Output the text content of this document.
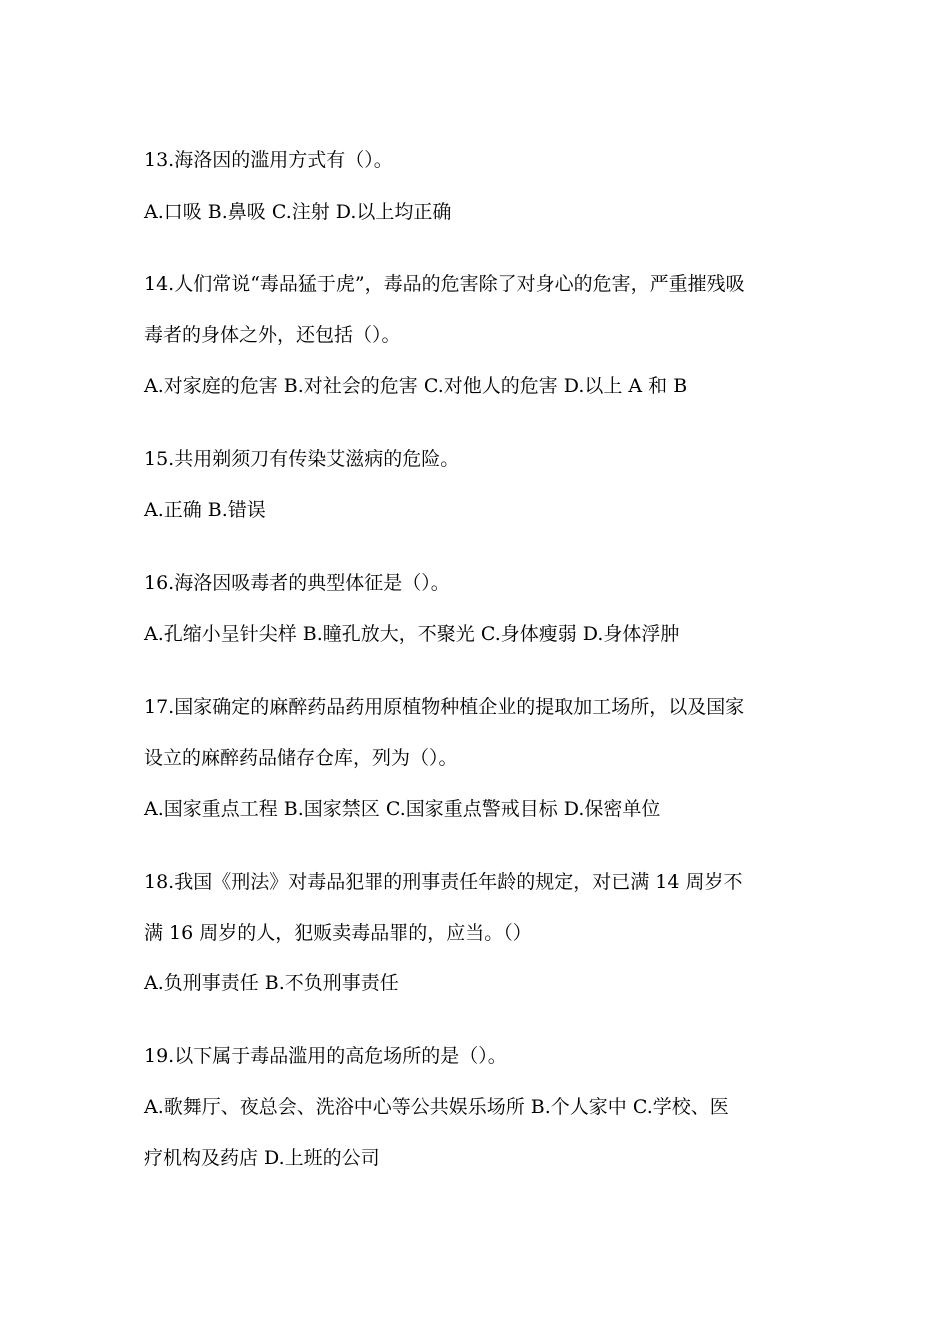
13.海洛因的滥用方式有（）。
A.口吸 B.鼻吸 C.注射 D.以上均正确
14.人们常说“毒品猛于虎”，毒品的危害除了对身心的危害，严重摧残吸
毒者的身体之外，还包括（）。
A.对家庭的危害 B.对社会的危害 C.对他人的危害 D.以上 A 和 B
15.共用剃须刀有传染艾滋病的危险。
A.正确 B.错误
16.海洛因吸毒者的典型体征是（）。
A.孔缩小呈针尖样 B.瞳孔放大，不聚光 C.身体瘦弱 D.身体浮肿
17.国家确定的麻醉药品药用原植物种植企业的提取加工场所，以及国家
设立的麻醉药品储存仓库，列为（）。
A.国家重点工程 B.国家禁区 C.国家重点警戒目标 D.保密单位
18.我国《刑法》对毒品犯罪的刑事责任年龄的规定，对已满 14 周岁不
满 16 周岁的人，犯贩卖毒品罪的，应当。（）
A.负刑事责任 B.不负刑事责任
19.以下属于毒品滥用的高危场所的是（）。
A.歌舞厅、夜总会、洗浴中心等公共娱乐场所 B.个人家中 C.学校、医
疗机构及药店 D.上班的公司
